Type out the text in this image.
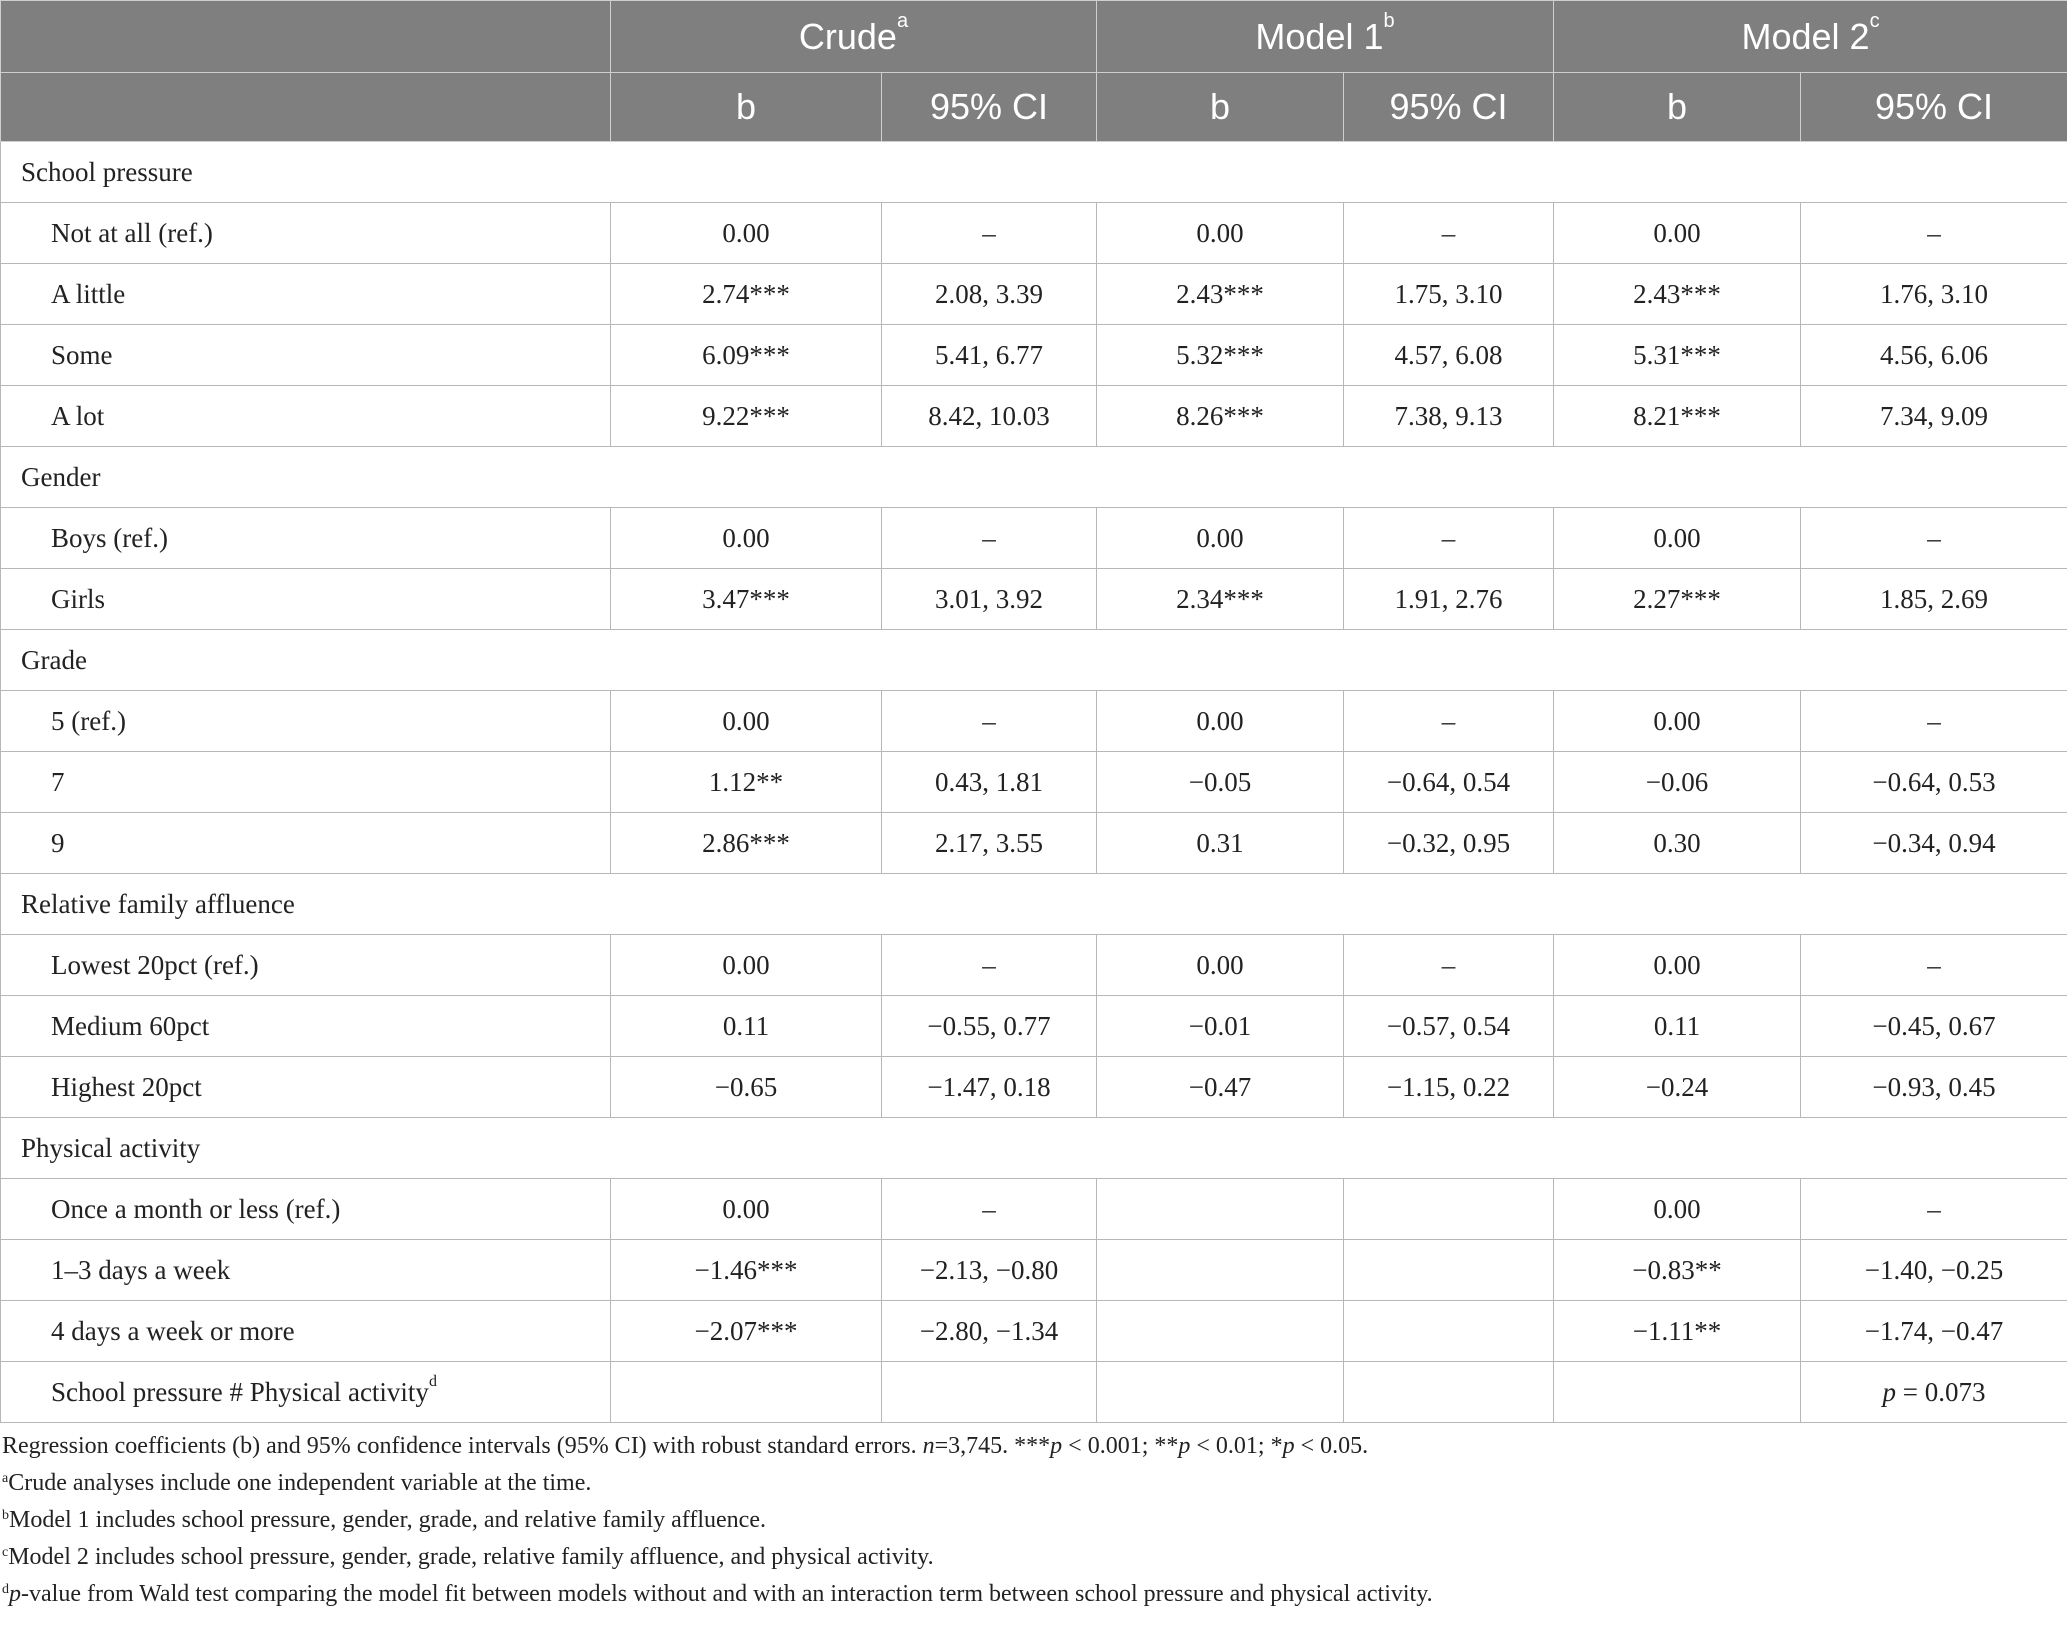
	Crude$^a$		Model 1$^b$		Model 2$^c$
	b	95% CI	b	95% CI	b	95% CI
School pressure						
Not at all (ref.)	0.00	–	0.00	–	0.00	–
A little	2.74***	2.08, 3.39	2.43***	1.75, 3.10	2.43***	1.76, 3.10
Some	6.09***	5.41, 6.77	5.32***	4.57, 6.08	5.31***	4.56, 6.06
A lot	9.22***	8.42, 10.03	8.26***	7.38, 9.13	8.21***	7.34, 9.09
Gender						
Boys (ref.)	0.00	–	0.00	–	0.00	–
Girls	3.47***	3.01, 3.92	2.34***	1.91, 2.76	2.27***	1.85, 2.69
Grade						
5 (ref.)	0.00	–	0.00	–	0.00	–
7	1.12**	0.43, 1.81	−0.05	−0.64, 0.54	−0.06	−0.64, 0.53
9	2.86***	2.17, 3.55	0.31	−0.32, 0.95	0.30	−0.34, 0.94
Relative family affluence						
Lowest 20pct (ref.)	0.00	–	0.00	–	0.00	–
Medium 60pct	0.11	−0.55, 0.77	−0.01	−0.57, 0.54	0.11	−0.45, 0.67
Highest 20pct	−0.65	−1.47, 0.18	−0.47	−1.15, 0.22	−0.24	−0.93, 0.45
Physical activity						
Once a month or less (ref.)	0.00	–			0.00	–
1–3 days a week	−1.46***	−2.13, −0.80			−0.83**	−1.40, −0.25
4 days a week or more	−2.07***	−2.80, −1.34			−1.11**	−1.74, −0.47
School pressure # Physical activity$^d$						p = 0.073

Regression coefficients (b) and 95% confidence intervals (95% CI) with robust standard errors. n=3,745. ***p < 0.001; **p < 0.01; *p < 0.05.

$^a$Crude analyses include one independent variable at the time.

$^b$Model 1 includes school pressure, gender, grade, and relative family affluence.

$^c$Model 2 includes school pressure, gender, grade, relative family affluence, and physical activity.

$^d$p-value from Wald test comparing the model fit between models without and with an interaction term between school pressure and physical activity.
